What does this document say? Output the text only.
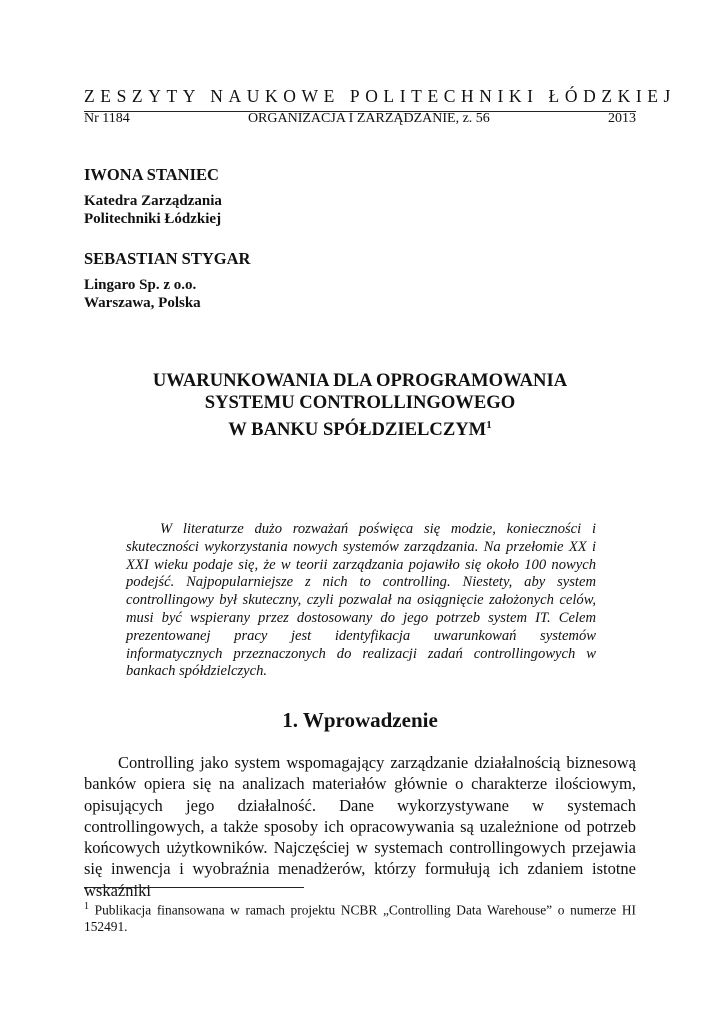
ZESZYTY NAUKOWE POLITECHNIKI ŁÓDZKIEJ
Nr 1184	ORGANIZACJA I ZARZĄDZANIE, z. 56	2013
IWONA STANIEC
Katedra Zarządzania
Politechniki Łódzkiej
SEBASTIAN STYGAR
Lingaro Sp. z o.o.
Warszawa, Polska
UWARUNKOWANIA DLA OPROGRAMOWANIA
SYSTEMU CONTROLLINGOWEGO
W BANKU SPÓŁDZIELCZYM$^1$

W literaturze dużo rozważań poświęca się modzie, konieczności i skuteczności wykorzystania nowych systemów zarządzania. Na przełomie XX i XXI wieku podaje się, że w teorii zarządzania pojawiło się około 100 nowych podejść. Najpopularniejsze z nich to controlling. Niestety, aby system controllingowy był skuteczny, czyli pozwalał na osiągnięcie założonych celów, musi być wspierany przez dostosowany do jego potrzeb system IT. Celem prezentowanej pracy jest identyfikacja uwarunkowań systemów informatycznych przeznaczonych do realizacji zadań controllingowych w bankach spółdzielczych.

1. Wprowadzenie

Controlling jako system wspomagający zarządzanie działalnością biznesową banków opiera się na analizach materiałów głównie o charakterze ilościowym, opisujących jego działalność. Dane wykorzystywane w systemach controllingowych, a także sposoby ich opracowywania są uzależnione od potrzeb końcowych użytkowników. Najczęściej w systemach controllingowych przejawia się inwencja i wyobraźnia menadżerów, którzy formułują ich zdaniem istotne wskaźniki

$^1$ Publikacja finansowana w ramach projektu NCBR „Controlling Data Warehouse” o numerze HI 152491.
